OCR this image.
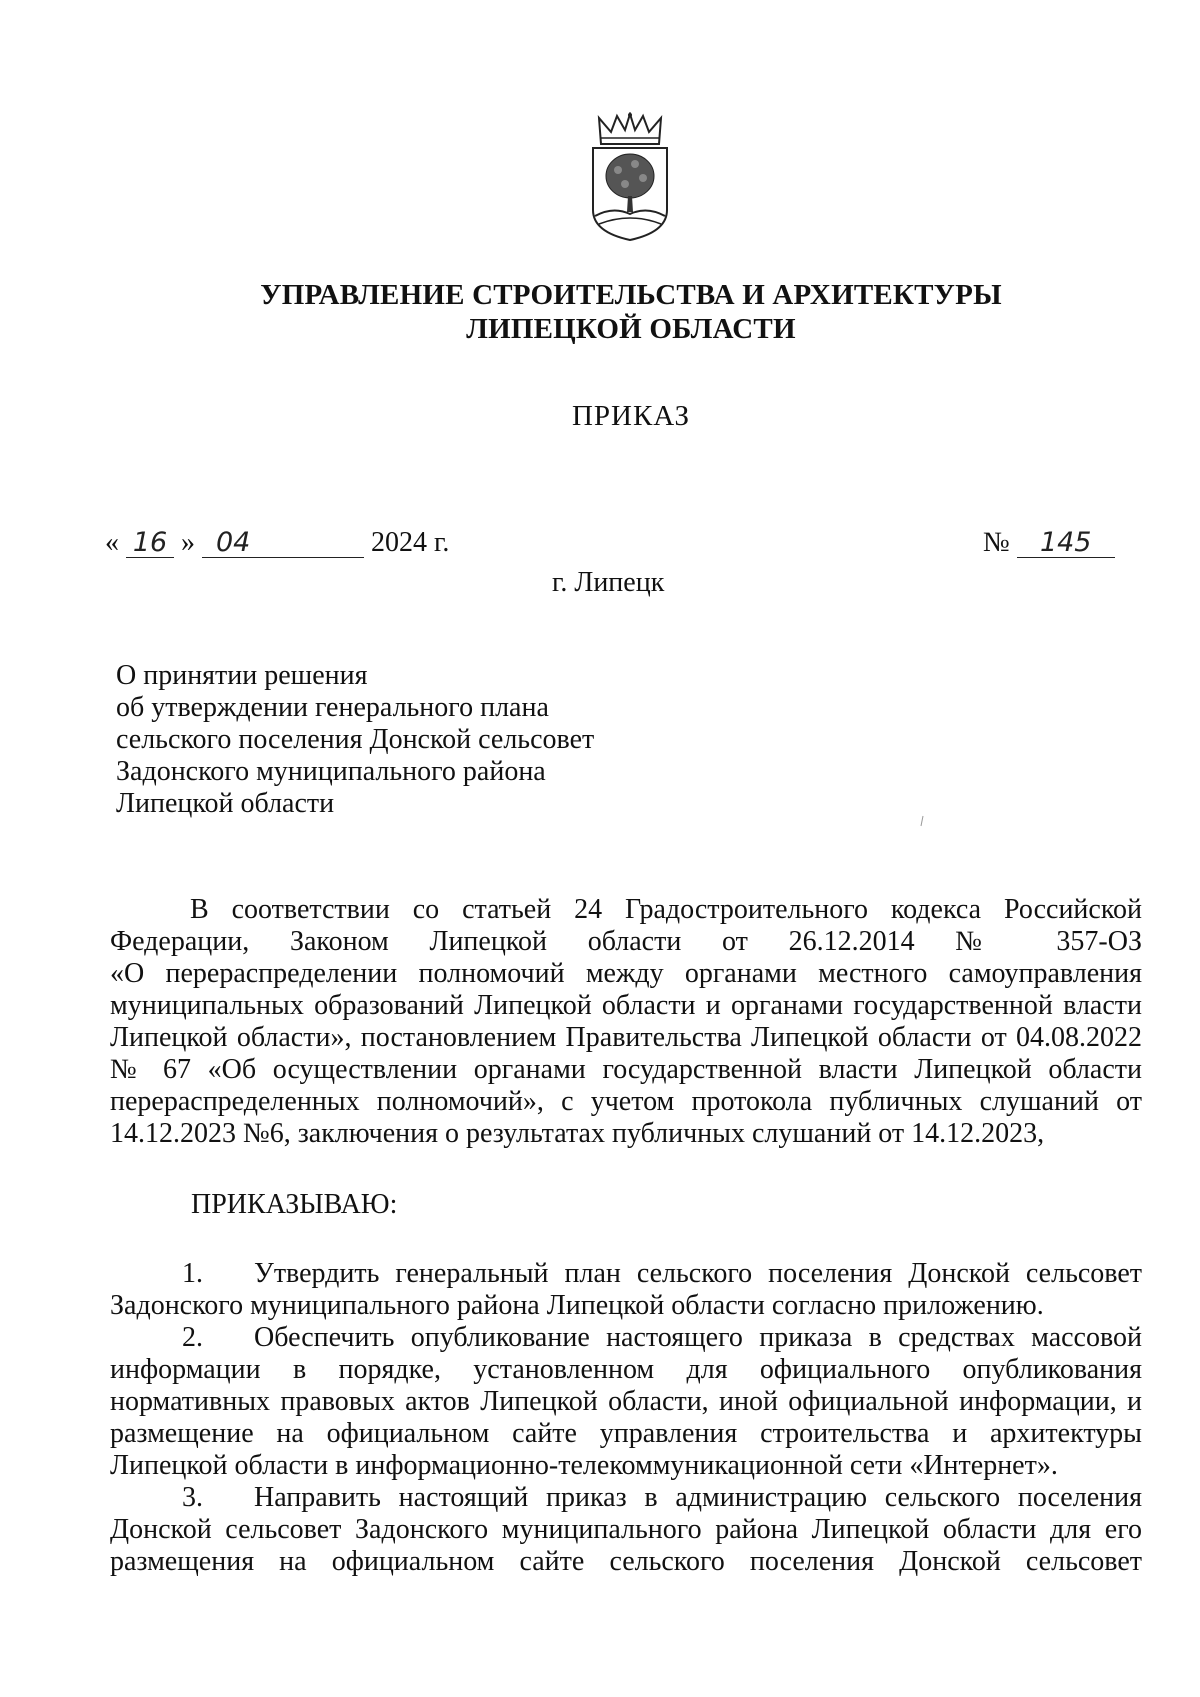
УПРАВЛЕНИЕ СТРОИТЕЛЬСТВА И АРХИТЕКТУРЫ
ЛИПЕЦКОЙ ОБЛАСТИ
ПРИКАЗ
« 16 » 04	2024 г.	№ 145
г. Липецк
О принятии решения
об утверждении генерального плана
сельского поселения Донской сельсовет
Задонского муниципального района
Липецкой области
В соответствии со статьей 24 Градостроительного кодекса Российской
Федерации, Законом Липецкой области от 26.12.2014 № 357-ОЗ
«О перераспределении полномочий между органами местного самоуправления
муниципальных образований Липецкой области и органами государственной власти
Липецкой области», постановлением Правительства Липецкой области от 04.08.2022
№ 67 «Об осуществлении органами государственной власти Липецкой области
перераспределенных полномочий», с учетом протокола публичных слушаний от
14.12.2023 №6, заключения о результатах публичных слушаний от 14.12.2023,
ПРИКАЗЫВАЮ:
1. Утвердить генеральный план сельского поселения Донской сельсовет
Задонского муниципального района Липецкой области согласно приложению.
2. Обеспечить опубликование настоящего приказа в средствах массовой
информации в порядке, установленном для официального опубликования
нормативных правовых актов Липецкой области, иной официальной информации, и
размещение на официальном сайте управления строительства и архитектуры
Липецкой области в информационно-телекоммуникационной сети «Интернет».
3. Направить настоящий приказ в администрацию сельского поселения
Донской сельсовет Задонского муниципального района Липецкой области для его
размещения на официальном сайте сельского поселения Донской сельсовет
